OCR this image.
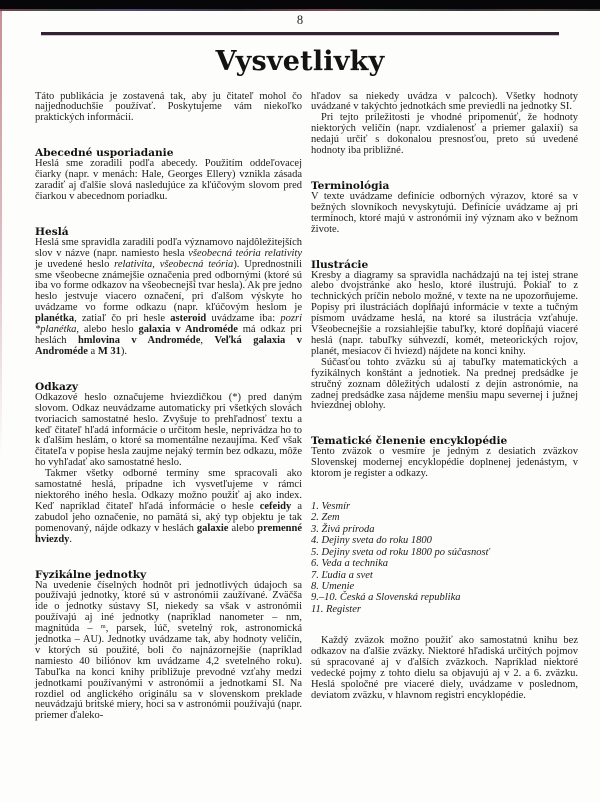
8
Vysvetlivky

Táto publikácia je zostavená tak, aby ju čitateľ mohol čo najjednoduchšie používať. Poskytujeme vám niekoľko praktických informácií.

Abecedné usporiadanie

Heslá sme zoradili podľa abecedy. Použitím oddeľovacej čiarky (napr. v menách: Hale, Georges Ellery) vznikla zásada zaradiť aj ďalšie slová nasledujúce za kľúčovým slovom pred čiarkou v abecednom poriadku.

Heslá

Heslá sme spravidla zaradili podľa významovo najdôležitejších slov v názve (napr. namiesto hesla všeobecná teória relativity je uvedené heslo relativita, všeobecná teória). Uprednostnili sme všeobecne známejšie označenia pred odbornými (ktoré sú iba vo forme odkazov na všeobecnejší tvar hesla). Ak pre jedno heslo jestvuje viacero označení, pri ďalšom výskyte ho uvádzame vo forme odkazu (napr. kľúčovým heslom je planétka, zatiaľ čo pri hesle asteroid uvádzame iba: pozri *planétka, alebo heslo galaxia v Androméde má odkaz pri heslách hmlovina v Androméde, Veľká galaxia v Androméde a M 31).

Odkazy

Odkazové heslo označujeme hviezdičkou (*) pred daným slovom. Odkaz neuvádzame automaticky pri všetkých slovách tvoriacich samostatné heslo. Zvyšuje to prehľadnosť textu a keď čitateľ hľadá informácie o určitom hesle, neprivádza ho to k ďalším heslám, o ktoré sa momentálne nezaujíma. Keď však čitateľa v popise hesla zaujme nejaký termín bez odkazu, môže ho vyhľadať ako samostatné heslo.

Takmer všetky odborné termíny sme spracovali ako samostatné heslá, prípadne ich vysvetľujeme v rámci niektorého iného hesla. Odkazy možno použiť aj ako index. Keď napríklad čitateľ hľadá informácie o hesle cefeidy a zabudol jeho označenie, no pamätá si, aký typ objektu je tak pomenovaný, nájde odkazy v heslách galaxie alebo premenné hviezdy.

Fyzikálne jednotky

Na uvedenie číselných hodnôt pri jednotlivých údajoch sa používajú jednotky, ktoré sú v astronómii zaužívané. Zväčša ide o jednotky sústavy SI, niekedy sa však v astronómii používajú aj iné jednotky (napríklad nanometer – nm, magnitúda – ᵐ, parsek, lúč, svetelný rok, astronomická jednotka – AU). Jednotky uvádzame tak, aby hodnoty veličín, v ktorých sú použité, boli čo najnázornejšie (napríklad namiesto 40 biliónov km uvádzame 4,2 svetelného roku). Tabuľka na konci knihy približuje prevodné vzťahy medzi jednotkami používanými v astronómii a jednotkami SI. Na rozdiel od anglického originálu sa v slovenskom preklade neuvádzajú britské miery, hoci sa v astronómii používajú (napr. priemer ďaleko-

hľadov sa niekedy uvádza v palcoch). Všetky hodnoty uvádzané v takýchto jednotkách sme previedli na jednotky SI.

Pri tejto príležitosti je vhodné pripomenúť, že hodnoty niektorých veličín (napr. vzdialenosť a priemer galaxií) sa nedajú určiť s dokonalou presnosťou, preto sú uvedené hodnoty iba približné.

Terminológia

V texte uvádzame definície odborných výrazov, ktoré sa v bežných slovníkoch nevyskytujú. Definície uvádzame aj pri termínoch, ktoré majú v astronómii iný význam ako v bežnom živote.

Ilustrácie

Kresby a diagramy sa spravidla nachádzajú na tej istej strane alebo dvojstránke ako heslo, ktoré ilustrujú. Pokiaľ to z technických príčin nebolo možné, v texte na ne upozorňujeme. Popisy pri ilustráciách dopĺňajú informácie v texte a tučným písmom uvádzame heslá, na ktoré sa ilustrácia vzťahuje. Všeobecnejšie a rozsiahlejšie tabuľky, ktoré dopĺňajú viaceré heslá (napr. tabuľky súhvezdí, komét, meteorických rojov, planét, mesiacov či hviezd) nájdete na konci knihy.

Súčasťou tohto zväzku sú aj tabuľky matematických a fyzikálnych konštánt a jednotiek. Na prednej predsádke je stručný zoznam dôležitých udalostí z dejín astronómie, na zadnej predsádke zasa nájdeme menšiu mapu severnej i južnej hviezdnej oblohy.

Tematické členenie encyklopédie

Tento zväzok o vesmíre je jedným z desiatich zväzkov Slovenskej modernej encyklopédie doplnenej jedenástym, v ktorom je register a odkazy.

1. Vesmír
2. Zem
3. Živá príroda
4. Dejiny sveta do roku 1800
5. Dejiny sveta od roku 1800 po súčasnosť
6. Veda a technika
7. Ľudia a svet
8. Umenie
9.–10. Česká a Slovenská republika
11. Register

Každý zväzok možno použiť ako samostatnú knihu bez odkazov na ďalšie zväzky. Niektoré hľadiská určitých pojmov sú spracované aj v ďalších zväzkoch. Napríklad niektoré vedecké pojmy z tohto dielu sa objavujú aj v 2. a 6. zväzku. Heslá spoločné pre viaceré diely, uvádzame v poslednom, deviatom zväzku, v hlavnom registri encyklopédie.
